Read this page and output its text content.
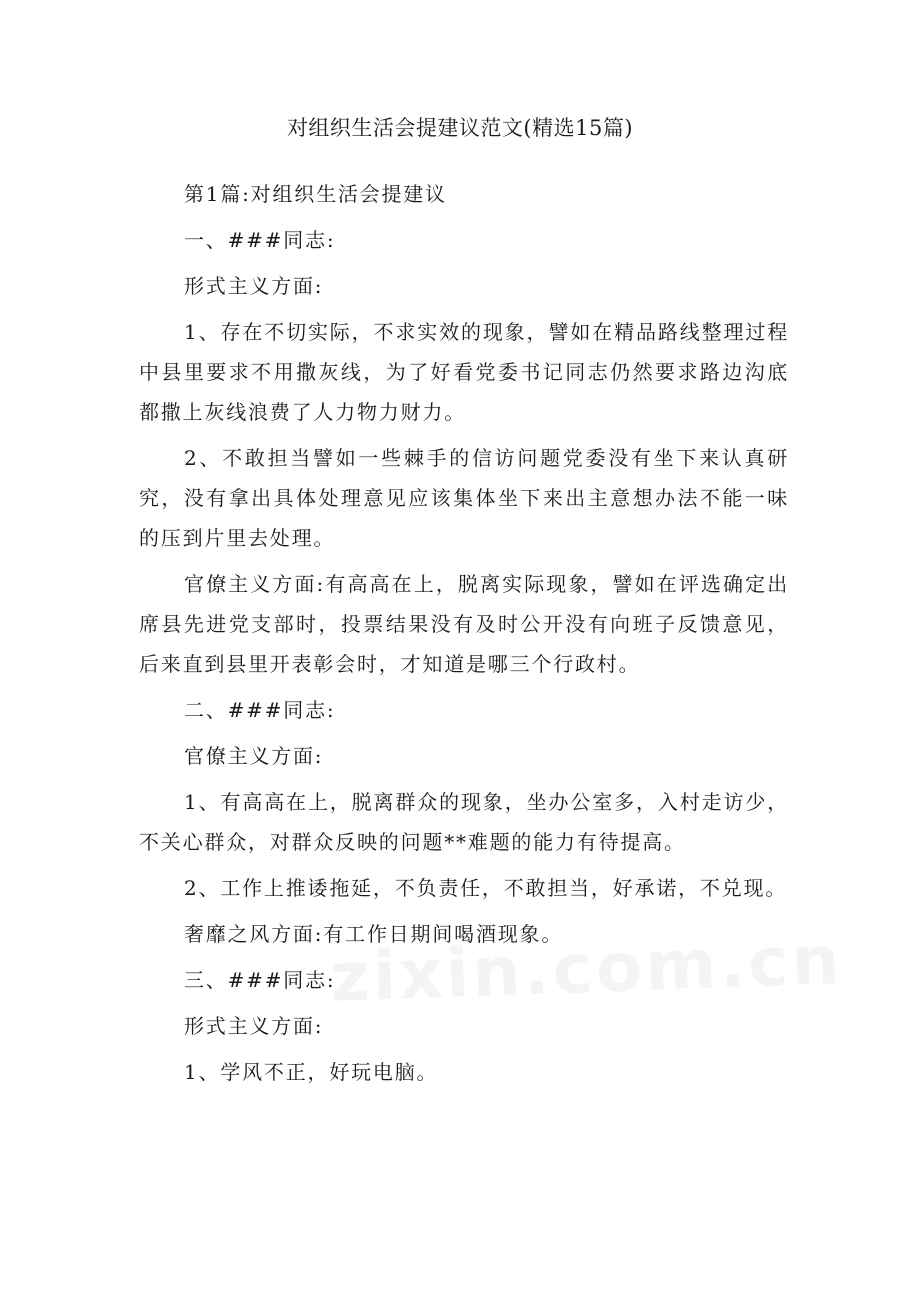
对组织生活会提建议范文(精选15篇)

第1篇:对组织生活会提建议

一、###同志:

形式主义方面:

1、存在不切实际，不求实效的现象，譬如在精品路线整理过程中县里要求不用撒灰线，为了好看党委书记同志仍然要求路边沟底都撒上灰线浪费了人力物力财力。

2、不敢担当譬如一些棘手的信访问题党委没有坐下来认真研究，没有拿出具体处理意见应该集体坐下来出主意想办法不能一味的压到片里去处理。

官僚主义方面:有高高在上，脱离实际现象，譬如在评选确定出席县先进党支部时，投票结果没有及时公开没有向班子反馈意见，后来直到县里开表彰会时，才知道是哪三个行政村。

二、###同志:

官僚主义方面:

1、有高高在上，脱离群众的现象，坐办公室多，入村走访少，不关心群众，对群众反映的问题**难题的能力有待提高。

2、工作上推诿拖延，不负责任，不敢担当，好承诺，不兑现。

奢靡之风方面:有工作日期间喝酒现象。

三、###同志:

形式主义方面:

1、学风不正，好玩电脑。
